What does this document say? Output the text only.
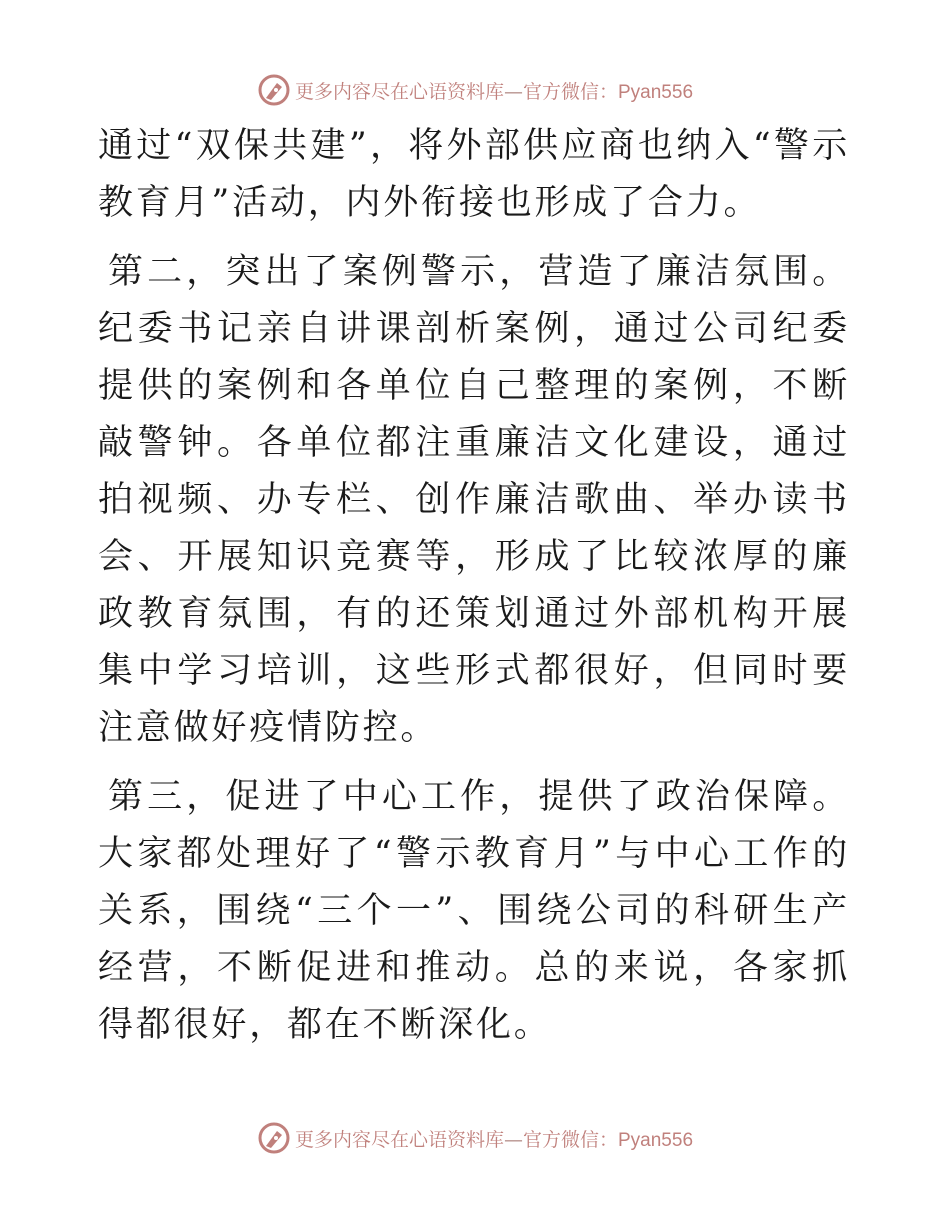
更多内容尽在心语资料库—官方微信：Pyan556

通过“双保共建”，将外部供应商也纳入“警示教育月”活动，内外衔接也形成了合力。

第二，突出了案例警示，营造了廉洁氛围。纪委书记亲自讲课剖析案例，通过公司纪委提供的案例和各单位自己整理的案例，不断敲警钟。各单位都注重廉洁文化建设，通过拍视频、办专栏、创作廉洁歌曲、举办读书会、开展知识竞赛等，形成了比较浓厚的廉政教育氛围，有的还策划通过外部机构开展集中学习培训，这些形式都很好，但同时要注意做好疫情防控。

第三，促进了中心工作，提供了政治保障。大家都处理好了“警示教育月”与中心工作的关系，围绕“三个一”、围绕公司的科研生产经营，不断促进和推动。总的来说，各家抓得都很好，都在不断深化。

更多内容尽在心语资料库—官方微信：Pyan556
